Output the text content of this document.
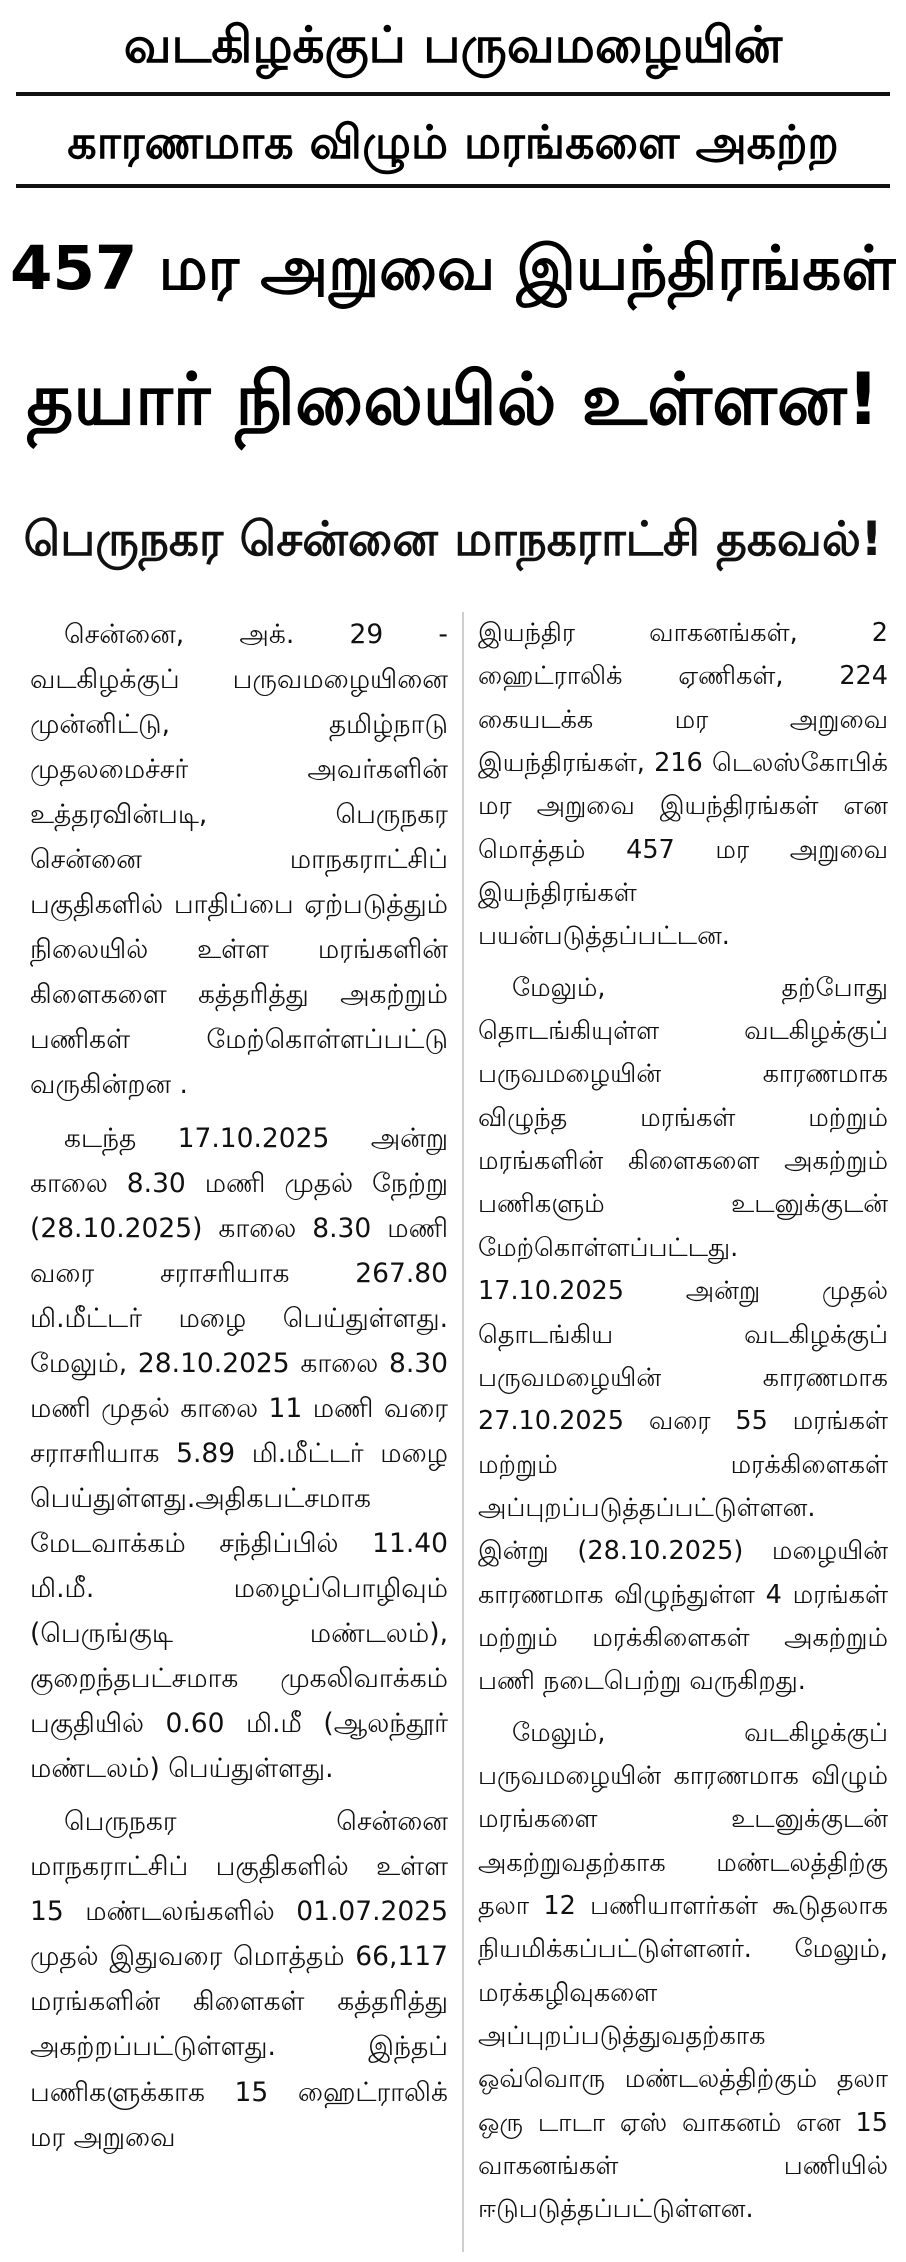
வடகிழக்குப் பருவமழையின்
காரணமாக விழும் மரங்களை அகற்ற
457 மர அறுவை இயந்திரங்கள்
தயார் நிலையில் உள்ளன!
பெருநகர சென்னை மாநகராட்சி தகவல்!

சென்னை, அக். 29 - வடகிழக்குப் பருவமழையினை முன்னிட்டு, தமிழ்நாடு முதலமைச்சர் அவர்களின் உத்தரவின்படி, பெருநகர சென்னை மாநகராட்சிப் பகுதிகளில் பாதிப்பை ஏற்படுத்தும் நிலையில் உள்ள மரங்களின் கிளைகளை கத்தரித்து அகற்றும் பணிகள் மேற்கொள்ளப்பட்டு வருகின்றன .

கடந்த 17.10.2025 அன்று காலை 8.30 மணி முதல் நேற்று (28.10.2025) காலை 8.30 மணி வரை சராசரியாக 267.80 மி.மீட்டர் மழை பெய்துள்ளது. மேலும், 28.10.2025 காலை 8.30 மணி முதல் காலை 11 மணி வரை சராசரியாக 5.89 மி.மீட்டர் மழை பெய்துள்ளது.அதிகபட்சமாக மேடவாக்கம் சந்திப்பில் 11.40 மி.மீ. மழைப்பொழிவும் (பெருங்குடி மண்டலம்), குறைந்தபட்சமாக முகலிவாக்கம் பகுதியில் 0.60 மி.மீ (ஆலந்தூர் மண்டலம்) பெய்துள்ளது.

பெருநகர சென்னை மாநகராட்சிப் பகுதிகளில் உள்ள 15 மண்டலங்களில் 01.07.2025 முதல் இதுவரை மொத்தம் 66,117 மரங்களின் கிளைகள் கத்தரித்து அகற்றப்பட்டுள்ளது. இந்தப் பணிகளுக்காக 15 ஹைட்ராலிக் மர அறுவை

இயந்திர வாகனங்கள், 2 ஹைட்ராலிக் ஏணிகள், 224 கையடக்க மர அறுவை இயந்திரங்கள், 216 டெலஸ்கோபிக் மர அறுவை இயந்திரங்கள் என மொத்தம் 457 மர அறுவை இயந்திரங்கள் பயன்படுத்தப்பட்டன.

மேலும், தற்போது தொடங்கியுள்ள வடகிழக்குப் பருவமழையின் காரணமாக விழுந்த மரங்கள் மற்றும் மரங்களின் கிளைகளை அகற்றும் பணிகளும் உடனுக்குடன் மேற்கொள்ளப்பட்டது. 17.10.2025 அன்று முதல் தொடங்கிய வடகிழக்குப் பருவமழையின் காரணமாக 27.10.2025 வரை 55 மரங்கள் மற்றும் மரக்கிளைகள் அப்புறப்படுத்தப்பட்டுள்ளன. இன்று (28.10.2025) மழையின் காரணமாக விழுந்துள்ள 4 மரங்கள் மற்றும் மரக்கிளைகள் அகற்றும் பணி நடைபெற்று வருகிறது.

மேலும், வடகிழக்குப் பருவமழையின் காரணமாக விழும் மரங்களை உடனுக்குடன் அகற்றுவதற்காக மண்டலத்திற்கு தலா 12 பணியாளர்கள் கூடுதலாக நியமிக்கப்பட்டுள்ளனர். மேலும், மரக்கழிவுகளை அப்புறப்படுத்துவதற்காக ஒவ்வொரு மண்டலத்திற்கும் தலா ஒரு டாடா ஏஸ் வாகனம் என 15 வாகனங்கள் பணியில் ஈடுபடுத்தப்பட்டுள்ளன.
